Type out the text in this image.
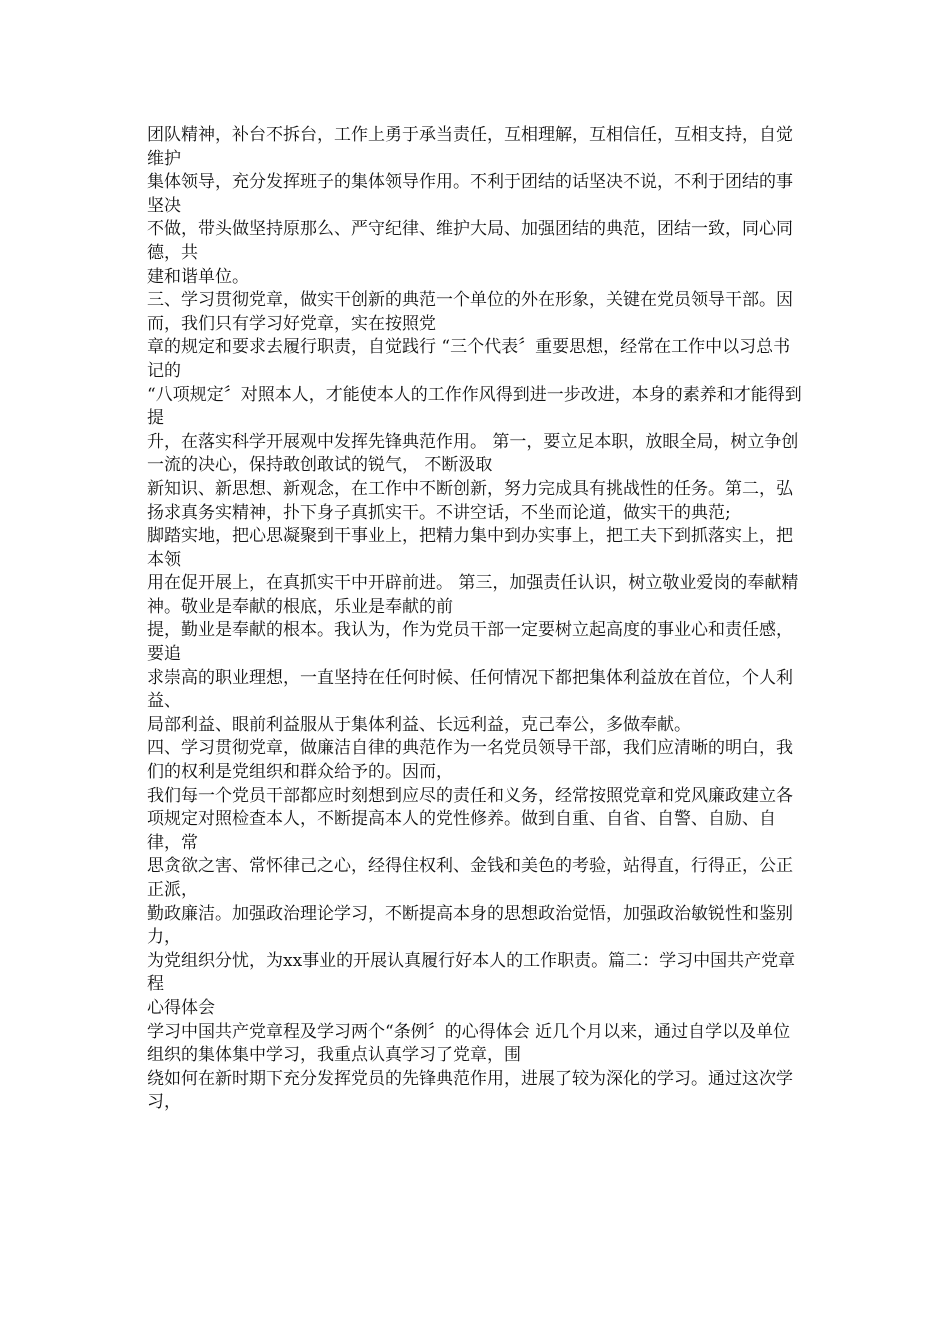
团队精神，补台不拆台，工作上勇于承当责任，互相理解，互相信任，互相支持，自觉维护

集体领导，充分发挥班子的集体领导作用。不利于团结的话坚决不说，不利于团结的事坚决

不做，带头做坚持原那么、严守纪律、维护大局、加强团结的典范，团结一致，同心同德，共

建和谐单位。

三、学习贯彻党章，做实干创新的典范一个单位的外在形象，关键在党员领导干部。因而，我们只有学习好党章，实在按照党

章的规定和要求去履行职责，自觉践行 “三个代表〞重要思想，经常在工作中以习总书记的

“八项规定〞对照本人，才能使本人的工作作风得到进一步改进，本身的素养和才能得到提

升，在落实科学开展观中发挥先锋典范作用。 第一，要立足本职，放眼全局，树立争创一流的决心，保持敢创敢试的锐气， 不断汲取

新知识、新思想、新观念，在工作中不断创新，努力完成具有挑战性的任务。第二，弘扬求真务实精神，扑下身子真抓实干。不讲空话，不坐而论道，做实干的典范;

脚踏实地，把心思凝聚到干事业上，把精力集中到办实事上，把工夫下到抓落实上，把本领

用在促开展上，在真抓实干中开辟前进。 第三，加强责任认识，树立敬业爱岗的奉献精神。敬业是奉献的根底，乐业是奉献的前

提，勤业是奉献的根本。我认为，作为党员干部一定要树立起高度的事业心和责任感，要追

求崇高的职业理想，一直坚持在任何时候、任何情况下都把集体利益放在首位，个人利益、

局部利益、眼前利益服从于集体利益、长远利益，克己奉公，多做奉献。

四、学习贯彻党章，做廉洁自律的典范作为一名党员领导干部，我们应清晰的明白，我们的权利是党组织和群众给予的。因而，

我们每一个党员干部都应时刻想到应尽的责任和义务，经常按照党章和党风廉政建立各

项规定对照检查本人，不断提高本人的党性修养。做到自重、自省、自警、自励、自律，常

思贪欲之害、常怀律己之心，经得住权利、金钱和美色的考验，站得直，行得正，公正正派，

勤政廉洁。加强政治理论学习，不断提高本身的思想政治觉悟，加强政治敏锐性和鉴别力，

为党组织分忧，为xx事业的开展认真履行好本人的工作职责。篇二：学习中国共产党章程

心得体会

学习中国共产党章程及学习两个“条例〞的心得体会 近几个月以来，通过自学以及单位组织的集体集中学习，我重点认真学习了党章，围

绕如何在新时期下充分发挥党员的先锋典范作用，进展了较为深化的学习。通过这次学习，
